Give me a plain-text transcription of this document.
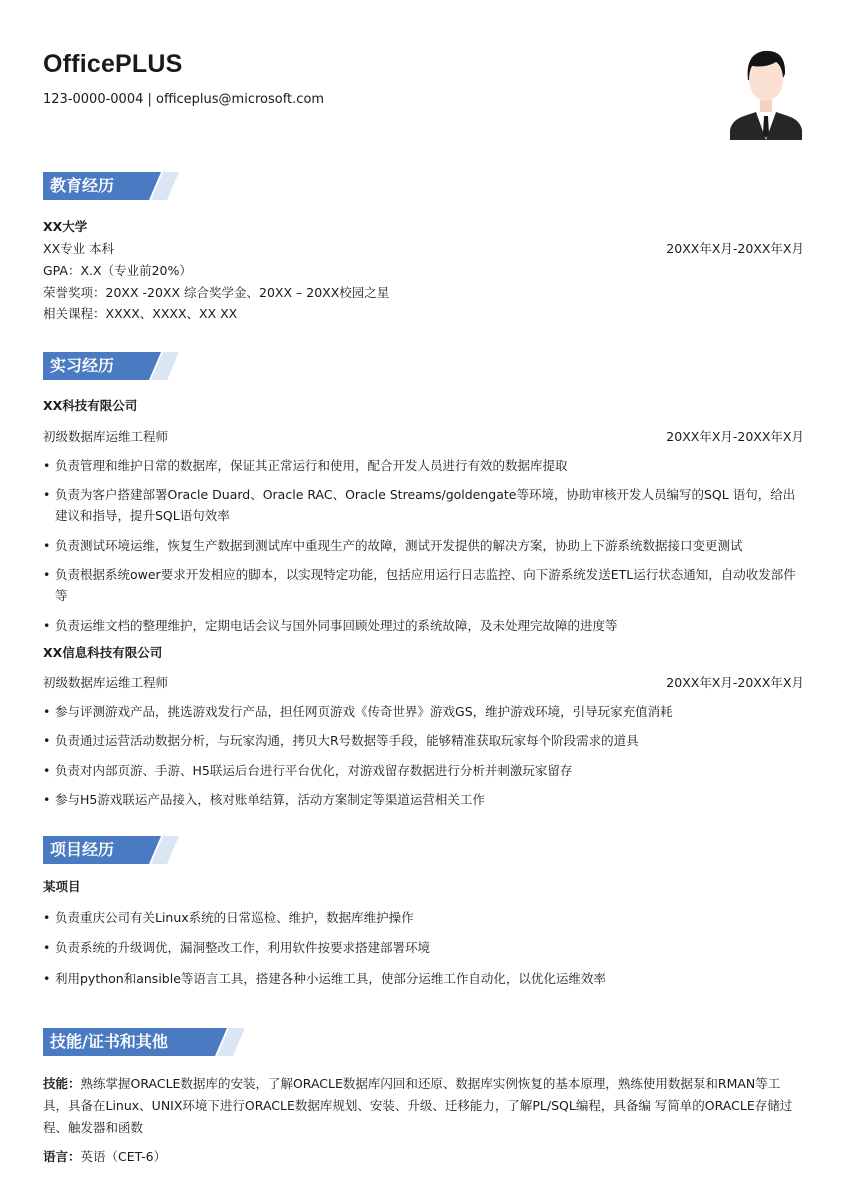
OfficePLUS
123-0000-0004 | officeplus@microsoft.com
教育经历
XX大学
XX专业 本科	20XX年X月-20XX年X月
GPA：X.X（专业前20%）
荣誉奖项：20XX -20XX 综合奖学金、20XX – 20XX校园之星
相关课程：XXXX、XXXX、XX XX
实习经历
XX科技有限公司
初级数据库运维工程师	20XX年X月-20XX年X月
• 负责管理和维护日常的数据库，保证其正常运行和使用，配合开发人员进行有效的数据库提取
• 负责为客户搭建部署Oracle Duard、Oracle RAC、Oracle Streams/goldengate等环境，协助审核开发人员编写的SQL 语句，给出建议和指导，提升SQL语句效率
• 负责测试环境运维，恢复生产数据到测试库中重现生产的故障，测试开发提供的解决方案，协助上下游系统数据接口变更测试
• 负责根据系统ower要求开发相应的脚本，以实现特定功能，包括应用运行日志监控、向下游系统发送ETL运行状态通知，自动收发部件等
• 负责运维文档的整理维护，定期电话会议与国外同事回顾处理过的系统故障，及未处理完故障的进度等
XX信息科技有限公司
初级数据库运维工程师	20XX年X月-20XX年X月
• 参与评测游戏产品，挑选游戏发行产品，担任网页游戏《传奇世界》游戏GS，维护游戏环境，引导玩家充值消耗
• 负责通过运营活动数据分析，与玩家沟通，拷贝大R号数据等手段，能够精准获取玩家每个阶段需求的道具
• 负责对内部页游、手游、H5联运后台进行平台优化，对游戏留存数据进行分析并刺激玩家留存
• 参与H5游戏联运产品接入，核对账单结算，活动方案制定等渠道运营相关工作
项目经历
某项目
• 负责重庆公司有关Linux系统的日常巡检、维护，数据库维护操作
• 负责系统的升级调优，漏洞整改工作，利用软件按要求搭建部署环境
• 利用python和ansible等语言工具，搭建各种小运维工具，使部分运维工作自动化，以优化运维效率
技能/证书和其他
技能：熟练掌握ORACLE数据库的安装，了解ORACLE数据库闪回和还原、数据库实例恢复的基本原理，熟练使用数据泵和RMAN等工具，具备在Linux、UNIX环境下进行ORACLE数据库规划、安装、升级、迁移能力，了解PL/SQL编程，具备编 写简单的ORACLE存储过程、触发器和函数
语言：英语（CET-6）
